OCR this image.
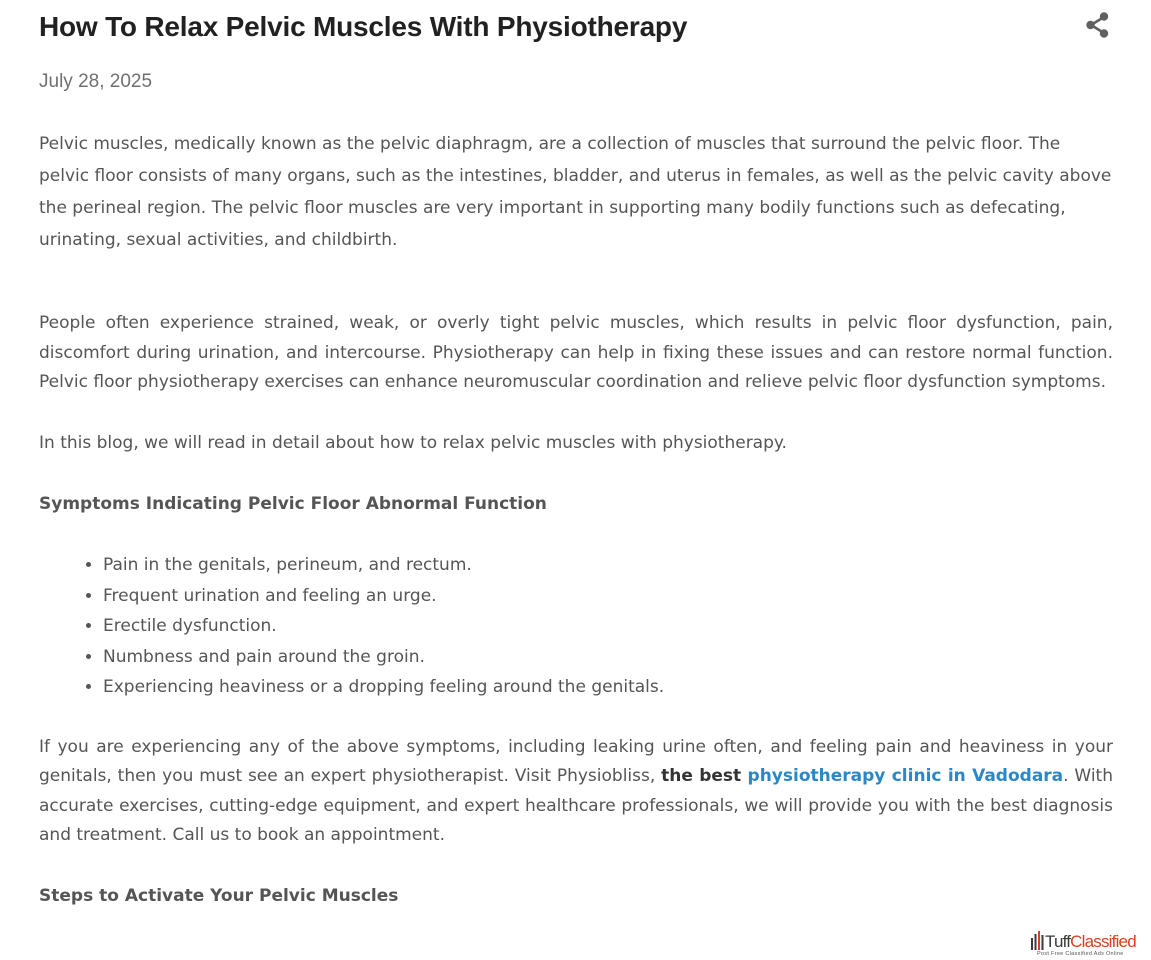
How To Relax Pelvic Muscles With Physiotherapy
July 28, 2025

Pelvic muscles, medically known as the pelvic diaphragm, are a collection of muscles that surround the pelvic floor. The pelvic floor consists of many organs, such as the intestines, bladder, and uterus in females, as well as the pelvic cavity above the perineal region. The pelvic floor muscles are very important in supporting many bodily functions such as defecating, urinating, sexual activities, and childbirth.

People often experience strained, weak, or overly tight pelvic muscles, which results in pelvic floor dysfunction, pain, discomfort during urination, and intercourse. Physiotherapy can help in fixing these issues and can restore normal function. Pelvic floor physiotherapy exercises can enhance neuromuscular coordination and relieve pelvic floor dysfunction symptoms.

In this blog, we will read in detail about how to relax pelvic muscles with physiotherapy.

Symptoms Indicating Pelvic Floor Abnormal Function
• Pain in the genitals, perineum, and rectum.
• Frequent urination and feeling an urge.
• Erectile dysfunction.
• Numbness and pain around the groin.
• Experiencing heaviness or a dropping feeling around the genitals.

If you are experiencing any of the above symptoms, including leaking urine often, and feeling pain and heaviness in your genitals, then you must see an expert physiotherapist. Visit Physiobliss, the best physiotherapy clinic in Vadodara. With accurate exercises, cutting-edge equipment, and expert healthcare professionals, we will provide you with the best diagnosis and treatment. Call us to book an appointment.

Steps to Activate Your Pelvic Muscles
TuffClassified
Post Free Classified Ads Online
